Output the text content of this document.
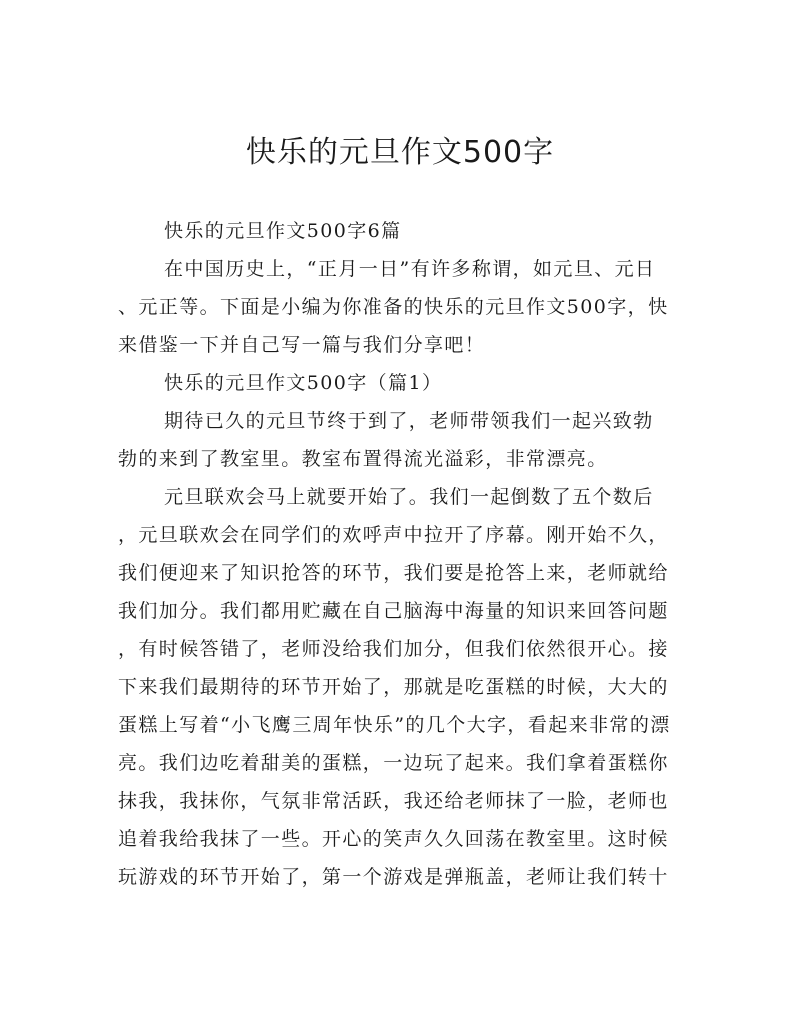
快乐的元旦作文500字
快乐的元旦作文500字6篇
在中国历史上，“正月一日”有许多称谓，如元旦、元日
、元正等。下面是小编为你准备的快乐的元旦作文500字，快
来借鉴一下并自己写一篇与我们分享吧！
快乐的元旦作文500字（篇1）
期待已久的元旦节终于到了，老师带领我们一起兴致勃
勃的来到了教室里。教室布置得流光溢彩，非常漂亮。
元旦联欢会马上就要开始了。我们一起倒数了五个数后
，元旦联欢会在同学们的欢呼声中拉开了序幕。刚开始不久，
我们便迎来了知识抢答的环节，我们要是抢答上来，老师就给
我们加分。我们都用贮藏在自己脑海中海量的知识来回答问题
，有时候答错了，老师没给我们加分，但我们依然很开心。接
下来我们最期待的环节开始了，那就是吃蛋糕的时候，大大的
蛋糕上写着“小飞鹰三周年快乐”的几个大字，看起来非常的漂
亮。我们边吃着甜美的蛋糕，一边玩了起来。我们拿着蛋糕你
抹我，我抹你，气氛非常活跃，我还给老师抹了一脸，老师也
追着我给我抹了一些。开心的笑声久久回荡在教室里。这时候
玩游戏的环节开始了，第一个游戏是弹瓶盖，老师让我们转十
